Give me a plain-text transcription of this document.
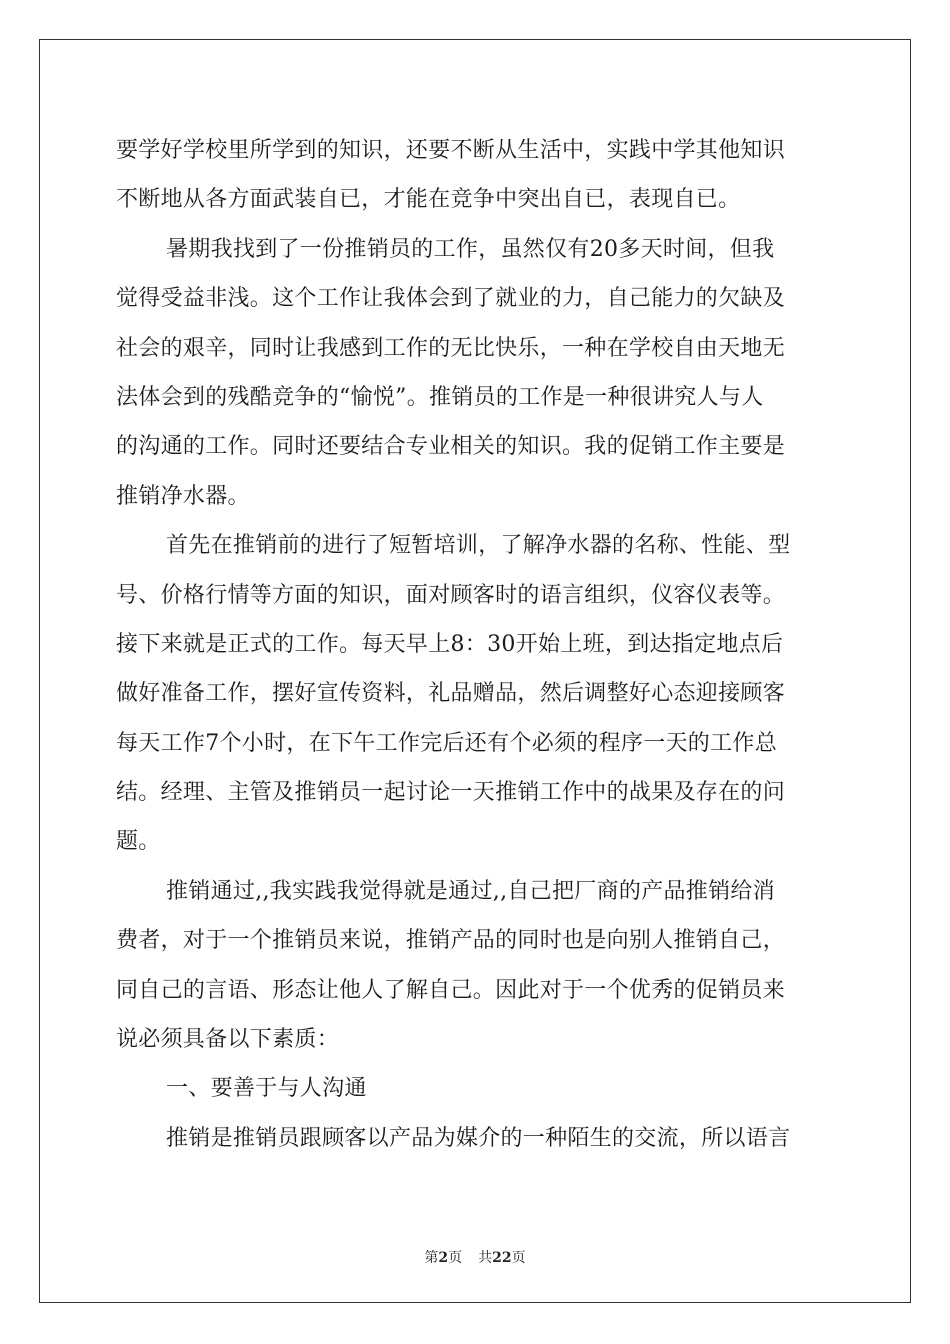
要学好学校里所学到的知识，还要不断从生活中，实践中学其他知识
不断地从各方面武装自已，才能在竞争中突出自已，表现自已。
暑期我找到了一份推销员的工作，虽然仅有20多天时间，但我
觉得受益非浅。这个工作让我体会到了就业的力，自己能力的欠缺及
社会的艰辛，同时让我感到工作的无比快乐，一种在学校自由天地无
法体会到的残酷竞争的“愉悦”。推销员的工作是一种很讲究人与人
的沟通的工作。同时还要结合专业相关的知识。我的促销工作主要是
推销净水器。
首先在推销前的进行了短暂培训，了解净水器的名称、性能、型
号、价格行情等方面的知识，面对顾客时的语言组织，仪容仪表等。
接下来就是正式的工作。每天早上8：30开始上班，到达指定地点后
做好准备工作，摆好宣传资料，礼品赠品，然后调整好心态迎接顾客
每天工作7个小时，在下午工作完后还有个必须的程序一天的工作总
结。经理、主管及推销员一起讨论一天推销工作中的战果及存在的问
题。
推销通过,,我实践我觉得就是通过,,自己把厂商的产品推销给消
费者，对于一个推销员来说，推销产品的同时也是向别人推销自己，
同自己的言语、形态让他人了解自己。因此对于一个优秀的促销员来
说必须具备以下素质：
一、要善于与人沟通
推销是推销员跟顾客以产品为媒介的一种陌生的交流，所以语言
第2页 共22页
